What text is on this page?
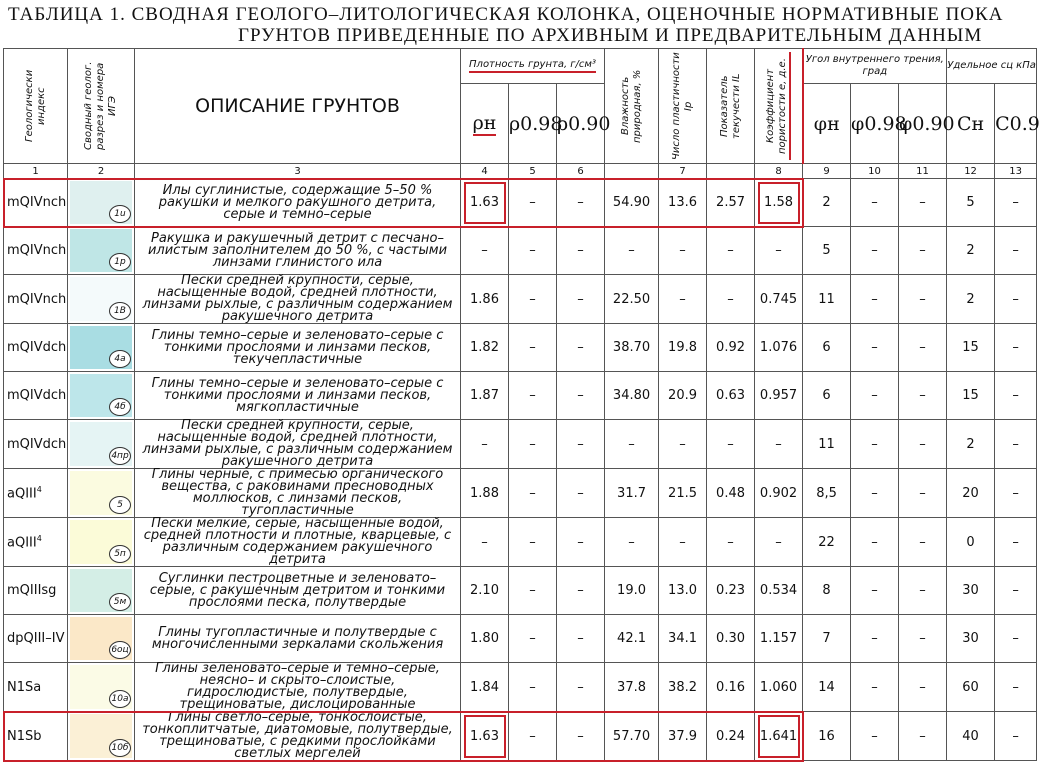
ТАБЛИЦА 1. СВОДНАЯ ГЕОЛОГО–ЛИТОЛОГИЧЕСКАЯ КОЛОНКА, ОЦЕНОЧНЫЕ НОРМАТИВНЫЕ ПОКА
ГРУНТОВ ПРИВЕДЕННЫЕ ПО АРХИВНЫМ И ПРЕДВАРИТЕЛЬНЫМ ДАННЫМ
Геологически индекс	Сводный геолог. разрез и номера ИГЭ	ОПИСАНИЕ ГРУНТОВ	Плотность грунта, г/см³			Влажность природная, %	Число пластичности Ip	Показатель текучести IL	Коэффициент пористости e, д.е.	Угол внутреннего трения, град			Удельное сц кПа	
			ρн	ρ0.98	ρ0.90					φн	φ0.98	φ0.90	Cн	C0.9
1	2	3	4	5	6		7		8	9	10	11	12	13
mQIVnch	1u	Илы суглинистые, содержащие 5–50 % ракушки и мелкого ракушного детрита, серые и темно–серые	1.63	–	–	54.90	13.6	2.57	1.58	2	–	–	5	–
mQIVnch	1p	Ракушка и ракушечный детрит с песчано–илистым заполнителем до 50 %, с частыми линзами глинистого ила	–	–	–	–	–	–	–	5	–	–	2	–
mQIVnch	1В	Пески средней крупности, серые, насыщенные водой, средней плотности, линзами рыхлые, с различным содержанием ракушечного детрита	1.86	–	–	22.50	–	–	0.745	11	–	–	2	–
mQIVdch	4a	Глины темно–серые и зеленовато–серые с тонкими прослоями и линзами песков, текучепластичные	1.82	–	–	38.70	19.8	0.92	1.076	6	–	–	15	–
mQIVdch	4б	Глины темно–серые и зеленовато–серые с тонкими прослоями и линзами песков, мягкопластичные	1.87	–	–	34.80	20.9	0.63	0.957	6	–	–	15	–
mQIVdch	4пр	Пески средней крупности, серые, насыщенные водой, средней плотности, линзами рыхлые, с различным содержанием ракушечного детрита	–	–	–	–	–	–	–	11	–	–	2	–
aQIII$^4$	5	Глины черные, с примесью органического вещества, с раковинами пресноводных моллюсков, с линзами песков, тугопластичные	1.88	–	–	31.7	21.5	0.48	0.902	8,5	–	–	20	–
aQIII$^4$	5п	Пески мелкие, серые, насыщенные водой, средней плотности и плотные, кварцевые, с различным содержанием ракушечного детрита	–	–	–	–	–	–	–	22	–	–	0	–
mQIIIsg	5м	Суглинки пестроцветные и зеленовато–серые, с ракушечным детритом и тонкими прослоями песка, полутвердые	2.10	–	–	19.0	13.0	0.23	0.534	8	–	–	30	–
dpQIII–IV	6оц	Глины тугопластичные и полутвердые с многочисленными зеркалами скольжения	1.80	–	–	42.1	34.1	0.30	1.157	7	–	–	30	–
N1Sa	10а	Глины зеленовато–серые и темно–серые, неясно– и скрыто–слоистые, гидрослюдистые, полутвердые, трещиноватые, дислоцированные	1.84	–	–	37.8	38.2	0.16	1.060	14	–	–	60	–
N1Sb	10б	Глины светло–серые, тонкослоистые, тонкоплитчатые, диатомовые, полутвердые, трещиноватые, с редкими прослойками светлых мергелей	1.63	–	–	57.70	37.9	0.24	1.641	16	–	–	40	–
